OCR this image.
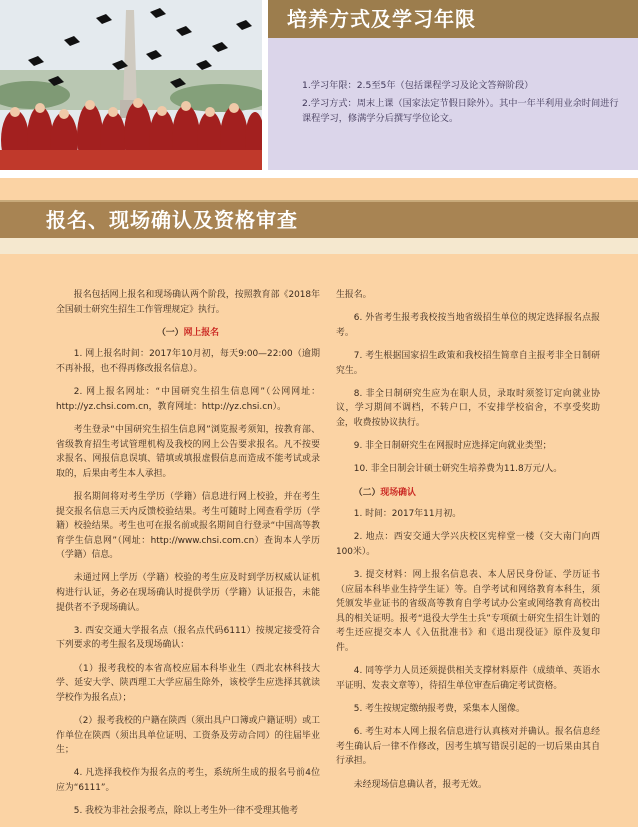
培养方式及学习年限

1.学习年限：2.5至5年（包括课程学习及论文答辩阶段）

2.学习方式：周末上课（国家法定节假日除外）。其中一年半利用业余时间进行课程学习，修满学分后撰写学位论文。

报名、现场确认及资格审查

报名包括网上报名和现场确认两个阶段，按照教育部《2018年全国硕士研究生招生工作管理规定》执行。

（一）网上报名

1. 网上报名时间：2017年10月初，每天9:00—22:00（逾期不再补报，也不得再修改报名信息）。

2. 网上报名网址：“中国研究生招生信息网”（公网网址：http://yz.chsi.com.cn，教育网址：http://yz.chsi.cn）。

考生登录“中国研究生招生信息网”浏览报考须知，按教育部、省级教育招生考试管理机构及我校的网上公告要求报名。凡不按要求报名、网报信息误填、错填或填报虚假信息而造成不能考试或录取的，后果由考生本人承担。

报名期间将对考生学历（学籍）信息进行网上校验，并在考生提交报名信息三天内反馈校验结果。考生可随时上网查看学历（学籍）校验结果。考生也可在报名前或报名期间自行登录“中国高等教育学生信息网”（网址：http://www.chsi.com.cn）查询本人学历（学籍）信息。

未通过网上学历（学籍）校验的考生应及时到学历权威认证机构进行认证，务必在现场确认时提供学历（学籍）认证报告，未能提供者不予现场确认。

3. 西安交通大学报名点（报名点代码6111）按规定接受符合下列要求的考生报名及现场确认：

（1）报考我校的本省高校应届本科毕业生（西北农林科技大学、延安大学、陕西理工大学应届生除外，该校学生应选择其就读学校作为报名点）；

（2）报考我校的户籍在陕西（须出具户口簿或户籍证明）或工作单位在陕西（须出具单位证明、工资条及劳动合同）的往届毕业生；

4. 凡选择我校作为报名点的考生，系统所生成的报名号前4位应为“6111”。

5. 我校为非社会报考点，除以上考生外一律不受理其他考

生报名。

6. 外省考生报考我校按当地省级招生单位的规定选择报名点报考。

7. 考生根据国家招生政策和我校招生简章自主报考非全日制研究生。

8. 非全日制研究生应为在职人员，录取时须签订定向就业协议，学习期间不调档，不转户口，不安排学校宿舍，不享受奖助金，收费按协议执行。

9. 非全日制研究生在网报时应选择定向就业类型；

10. 非全日制会计硕士研究生培养费为11.8万元/人。

（二）现场确认

1. 时间：2017年11月初。

2. 地点：西安交通大学兴庆校区宪梓堂一楼（交大南门向西100米）。

3. 提交材料：网上报名信息表、本人居民身份证、学历证书（应届本科毕业生持学生证）等。自学考试和网络教育本科生，须凭颁发毕业证书的省级高等教育自学考试办公室或网络教育高校出具的相关证明。报考“退役大学生士兵”专项硕士研究生招生计划的考生还应提交本人《入伍批准书》和《退出现役证》原件及复印件。

4. 同等学力人员还须提供相关支撑材料原件（成绩单、英语水平证明、发表文章等），待招生单位审查后确定考试资格。

5. 考生按规定缴纳报考费，采集本人图像。

6. 考生对本人网上报名信息进行认真核对并确认。报名信息经考生确认后一律不作修改，因考生填写错误引起的一切后果由其自行承担。

未经现场信息确认者，报考无效。
